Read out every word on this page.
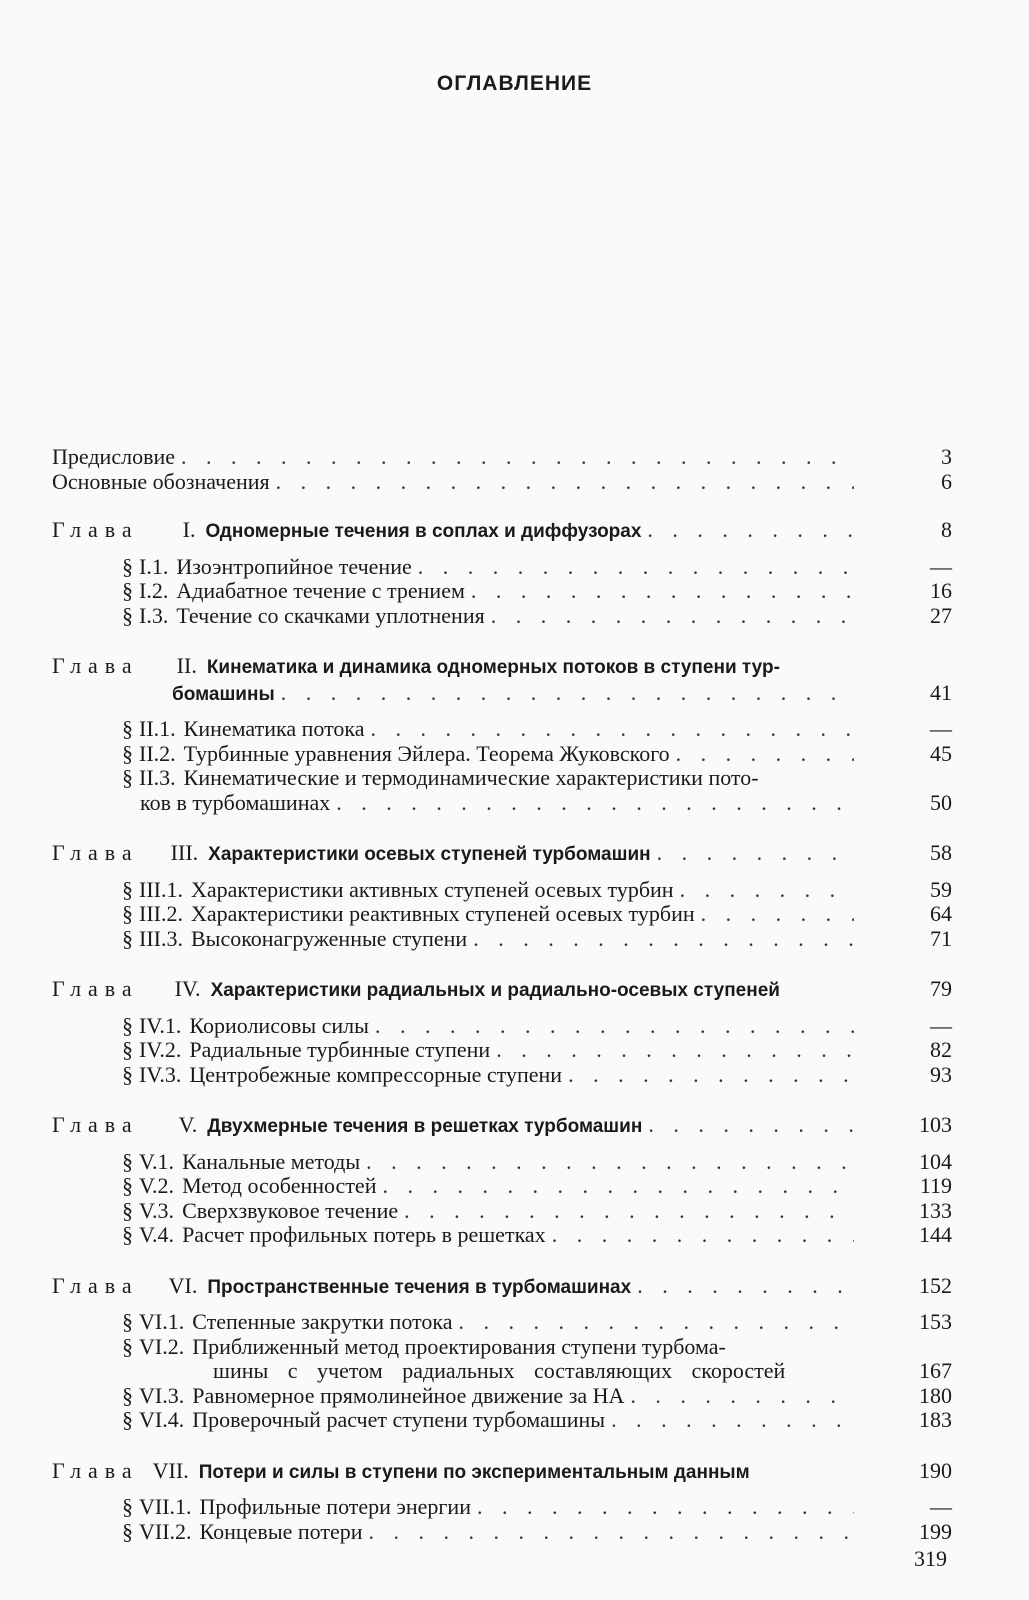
ОГЛАВЛЕНИЕ
Предисловие . . .	3
Основные обозначения . . .	6
Глава I. Одномерные течения в соплах и диффузорах . . .	8
§ I.1. Изоэнтропийное течение . . .	—
§ I.2. Адиабатное течение с трением . . .	16
§ I.3. Течение со скачками уплотнения . . .	27
Глава II. Кинематика и динамика одномерных потоков в ступени тур-
бомашины . . .	41
§ II.1. Кинематика потока . . .	—
§ II.2. Турбинные уравнения Эйлера. Теорема Жуковского . . .	45
§ II.3. Кинематические и термодинамические характеристики пото-
ков в турбомашинах . . .	50
Глава III. Характеристики осевых ступеней турбомашин . . .	58
§ III.1. Характеристики активных ступеней осевых турбин . . .	59
§ III.2. Характеристики реактивных ступеней осевых турбин . . .	64
§ III.3. Высоконагруженные ступени . . .	71
Глава IV. Характеристики радиальных и радиально-осевых ступеней	79
§ IV.1. Кориолисовы силы . . .	—
§ IV.2. Радиальные турбинные ступени . . .	82
§ IV.3. Центробежные компрессорные ступени . . .	93
Глава V. Двухмерные течения в решетках турбомашин . . .	103
§ V.1. Канальные методы . . .	104
§ V.2. Метод особенностей . . .	119
§ V.3. Сверхзвуковое течение . . .	133
§ V.4. Расчет профильных потерь в решетках . . .	144
Глава VI. Пространственные течения в турбомашинах . . .	152
§ VI.1. Степенные закрутки потока . . .	153
§ VI.2. Приближенный метод проектирования ступени турбома-
шины с учетом радиальных составляющих скоростей	167
§ VI.3. Равномерное прямолинейное движение за НА . . .	180
§ VI.4. Проверочный расчет ступени турбомашины . . .	183
Глава VII. Потери и силы в ступени по экспериментальным данным	190
§ VII.1. Профильные потери энергии . . .	—
§ VII.2. Концевые потери . . .	199
319
